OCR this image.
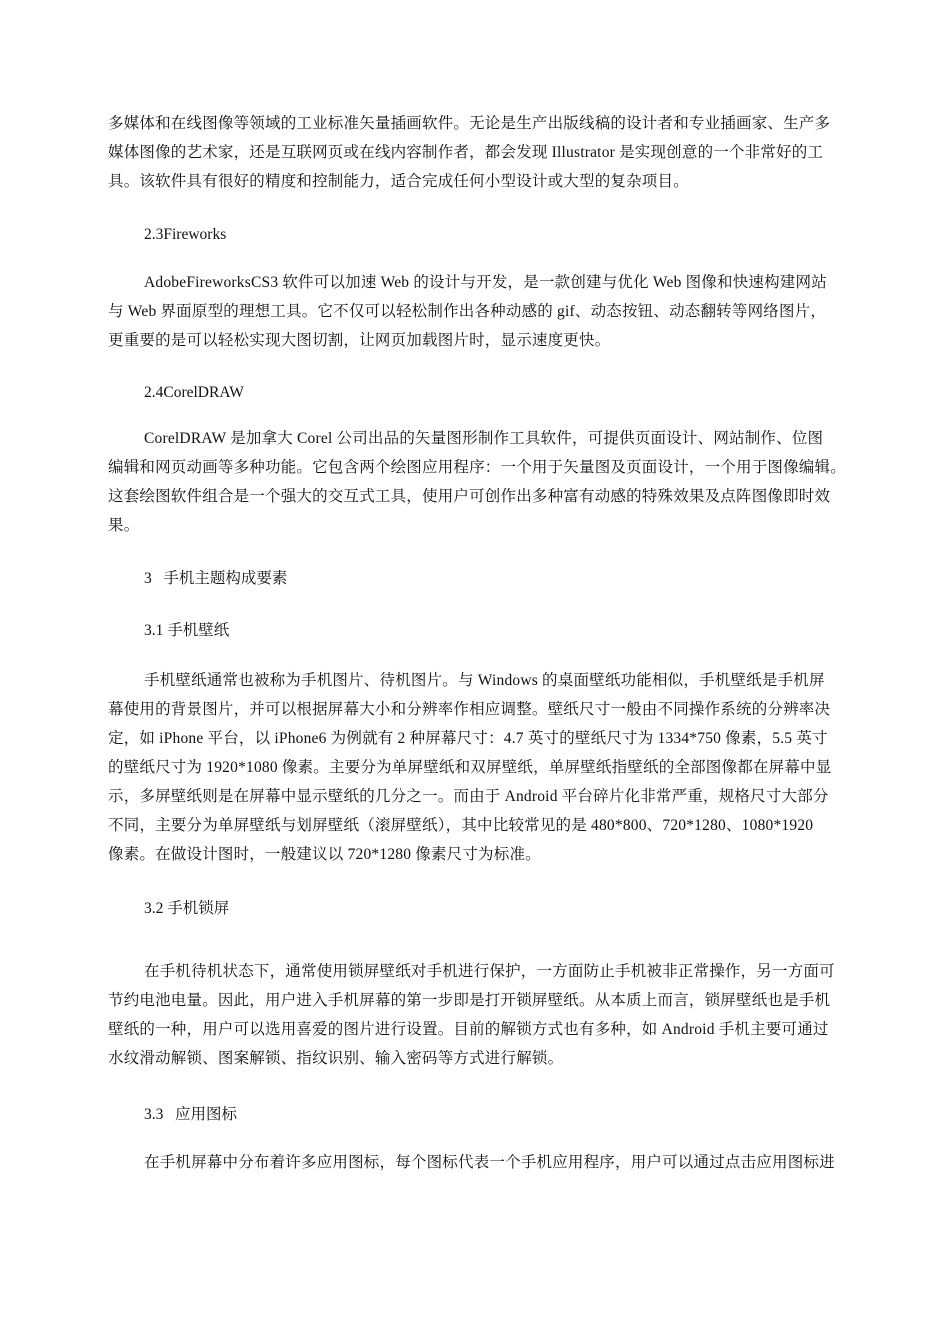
多媒体和在线图像等领域的工业标准矢量插画软件。无论是生产出版线稿的设计者和专业插画家、生产多
媒体图像的艺术家，还是互联网页或在线内容制作者，都会发现 Illustrator 是实现创意的一个非常好的工
具。该软件具有很好的精度和控制能力，适合完成任何小型设计或大型的复杂项目。
2.3Fireworks
AdobeFireworksCS3 软件可以加速 Web 的设计与开发，是一款创建与优化 Web 图像和快速构建网站
与 Web 界面原型的理想工具。它不仅可以轻松制作出各种动感的 gif、动态按钮、动态翻转等网络图片，
更重要的是可以轻松实现大图切割，让网页加载图片时，显示速度更快。
2.4CorelDRAW
CorelDRAW 是加拿大 Corel 公司出品的矢量图形制作工具软件，可提供页面设计、网站制作、位图
编辑和网页动画等多种功能。它包含两个绘图应用程序：一个用于矢量图及页面设计，一个用于图像编辑。
这套绘图软件组合是一个强大的交互式工具，使用户可创作出多种富有动感的特殊效果及点阵图像即时效
果。
3   手机主题构成要素
3.1 手机壁纸
手机壁纸通常也被称为手机图片、待机图片。与 Windows 的桌面壁纸功能相似，手机壁纸是手机屏
幕使用的背景图片，并可以根据屏幕大小和分辨率作相应调整。壁纸尺寸一般由不同操作系统的分辨率决
定，如 iPhone 平台，以 iPhone6 为例就有 2 种屏幕尺寸：4.7 英寸的壁纸尺寸为 1334*750 像素，5.5 英寸
的壁纸尺寸为 1920*1080 像素。主要分为单屏壁纸和双屏壁纸，单屏壁纸指壁纸的全部图像都在屏幕中显
示，多屏壁纸则是在屏幕中显示壁纸的几分之一。而由于 Android 平台碎片化非常严重，规格尺寸大部分
不同，主要分为单屏壁纸与划屏壁纸（滚屏壁纸），其中比较常见的是 480*800、720*1280、1080*1920
像素。在做设计图时，一般建议以 720*1280 像素尺寸为标准。
3.2 手机锁屏
在手机待机状态下，通常使用锁屏壁纸对手机进行保护，一方面防止手机被非正常操作，另一方面可
节约电池电量。因此，用户进入手机屏幕的第一步即是打开锁屏壁纸。从本质上而言，锁屏壁纸也是手机
壁纸的一种，用户可以选用喜爱的图片进行设置。目前的解锁方式也有多种，如 Android 手机主要可通过
水纹滑动解锁、图案解锁、指纹识别、输入密码等方式进行解锁。
3.3   应用图标
在手机屏幕中分布着许多应用图标，每个图标代表一个手机应用程序，用户可以通过点击应用图标进
